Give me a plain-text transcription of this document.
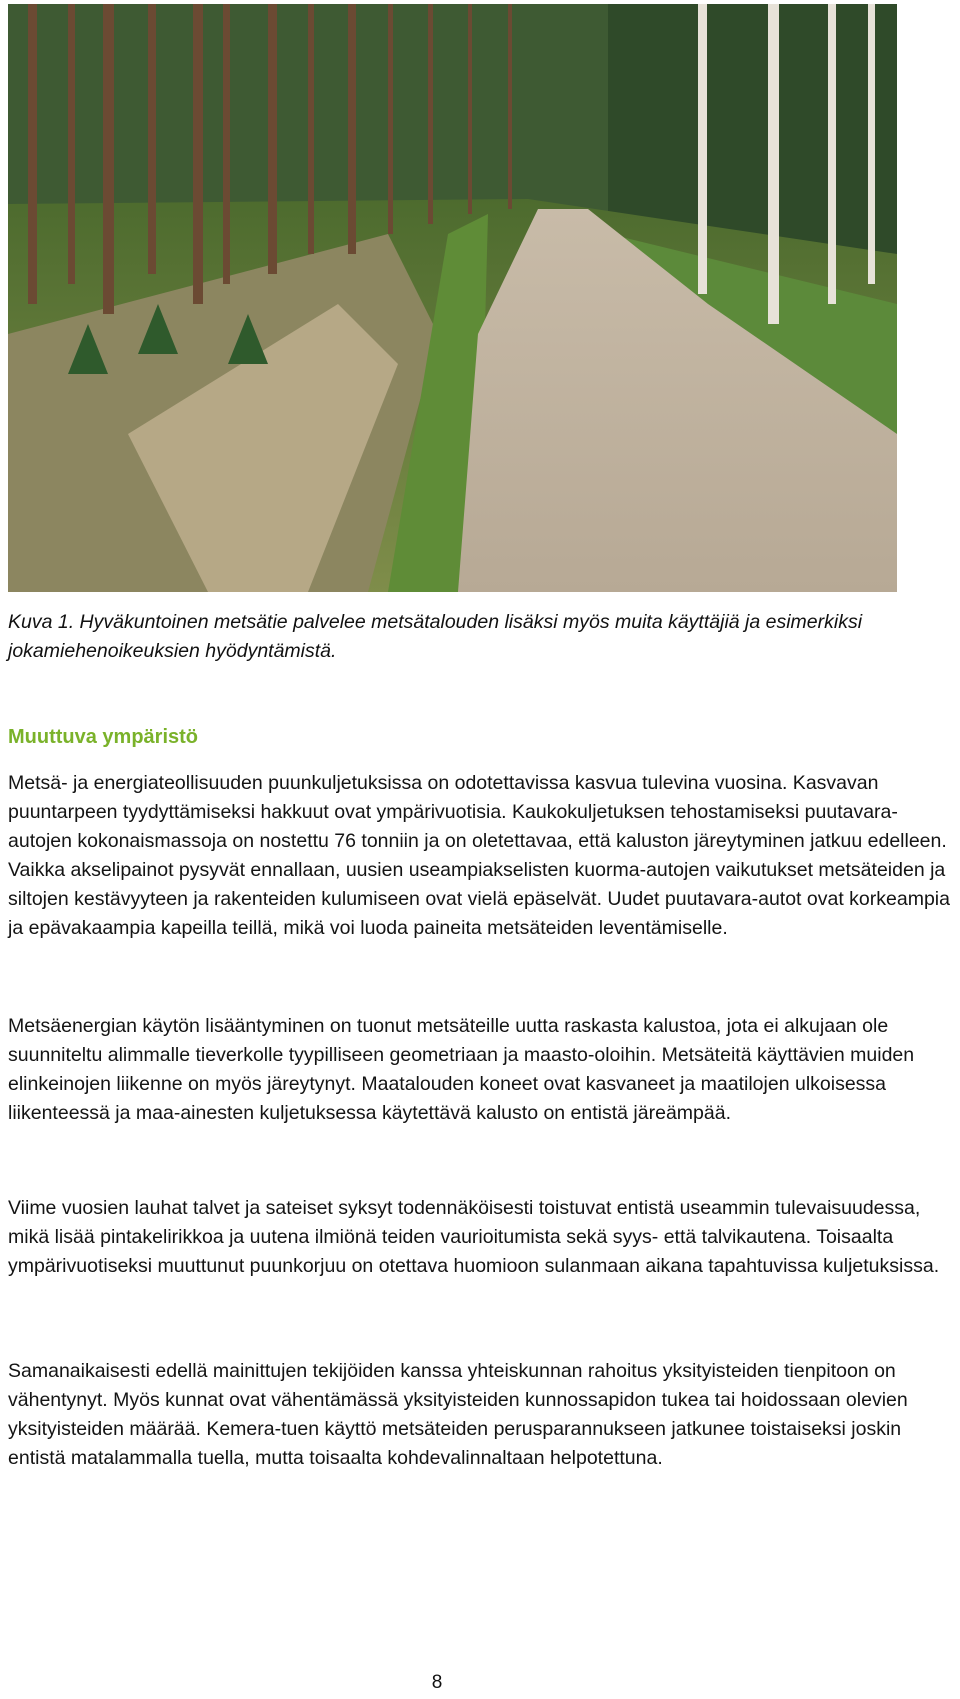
Kuva 1. Hyväkuntoinen metsätie palvelee metsätalouden lisäksi myös muita käyttäjiä ja esimerkiksi jokamiehenoikeuksien hyödyntämistä.
Muuttuva ympäristö

Metsä- ja energiateollisuuden puunkuljetuksissa on odotettavissa kasvua tulevina vuosina. Kasvavan puuntarpeen tyydyttämiseksi hakkuut ovat ympärivuotisia. Kaukokuljetuksen tehostamiseksi puutavara-autojen kokonaismassoja on nostettu 76 tonniin ja on oletettavaa, että kaluston järeytyminen jatkuu edelleen. Vaikka akselipainot pysyvät ennallaan, uusien useampiakselisten kuorma-autojen vaikutukset metsäteiden ja siltojen kestävyyteen ja rakenteiden kulumiseen ovat vielä epäselvät. Uudet puutavara-autot ovat korkeampia ja epävakaampia kapeilla teillä, mikä voi luoda paineita metsäteiden leventämiselle.

Metsäenergian käytön lisääntyminen on tuonut metsäteille uutta raskasta kalustoa, jota ei alkujaan ole suunniteltu alimmalle tieverkolle tyypilliseen geometriaan ja maasto-oloihin. Metsäteitä käyttävien muiden elinkeinojen liikenne on myös järeytynyt. Maatalouden koneet ovat kasvaneet ja maatilojen ulkoisessa liikenteessä ja maa-ainesten kuljetuksessa käytettävä kalusto on entistä järeämpää.

Viime vuosien lauhat talvet ja sateiset syksyt todennäköisesti toistuvat entistä useammin tulevaisuudessa, mikä lisää pintakelirikkoa ja uutena ilmiönä teiden vaurioitumista sekä syys- että talvikautena. Toisaalta ympärivuotiseksi muuttunut puunkorjuu on otettava huomioon sulanmaan aikana tapahtuvissa kuljetuksissa.

Samanaikaisesti edellä mainittujen tekijöiden kanssa yhteiskunnan rahoitus yksityisteiden tienpitoon on vähentynyt. Myös kunnat ovat vähentämässä yksityisteiden kunnossapidon tukea tai hoidossaan olevien yksityisteiden määrää. Kemera-tuen käyttö metsäteiden perusparannukseen jatkunee toistaiseksi joskin entistä matalammalla tuella, mutta toisaalta kohdevalinnaltaan helpotettuna.

8
